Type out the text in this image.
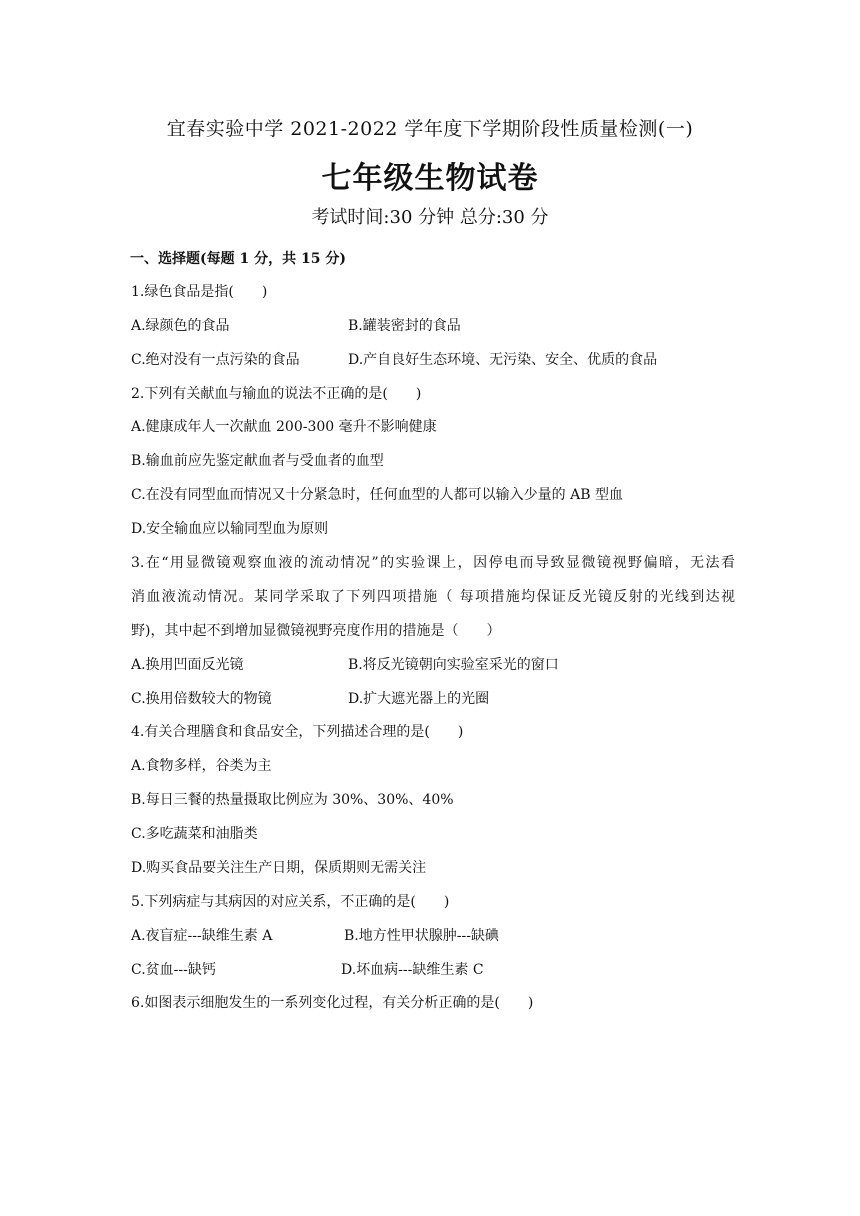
宜春实验中学 2021-2022 学年度下学期阶段性质量检测(一)
七年级生物试卷
考试时间:30 分钟 总分:30 分
一、选择题(每题 1 分，共 15 分)
1.绿色食品是指(　　)
A.绿颜色的食品	B.罐装密封的食品
C.绝对没有一点污染的食品	D.产自良好生态环境、无污染、安全、优质的食品
2.下列有关献血与输血的说法不正确的是(　　)
A.健康成年人一次献血 200-300 毫升不影响健康
B.输血前应先鉴定献血者与受血者的血型
C.在没有同型血而情况又十分紧急时，任何血型的人都可以输入少量的 AB 型血
D.安全输血应以输同型血为原则
3.在“用显微镜观察血液的流动情况”的实验课上，因停电而导致显微镜视野偏暗，无法看
消血液流动情况。某同学采取了下列四项措施（ 每项措施均保证反光镜反射的光线到达视
野)，其中起不到增加显微镜视野亮度作用的措施是（　　）
A.换用凹面反光镜	B.将反光镜朝向实验室采光的窗口
C.换用倍数较大的物镜	D.扩大遮光器上的光圈
4.有关合理膳食和食品安全，下列描述合理的是(　　)
A.食物多样，谷类为主
B.每日三餐的热量摄取比例应为 30%、30%、40%
C.多吃蔬菜和油脂类
D.购买食品要关注生产日期，保质期则无需关注
5.下列病症与其病因的对应关系，不正确的是(　　)
A.夜盲症---缺维生素 A	B.地方性甲状腺肿---缺碘
C.贫血---缺钙	D.坏血病---缺维生素 C
6.如图表示细胞发生的一系列变化过程，有关分析正确的是(　　)
